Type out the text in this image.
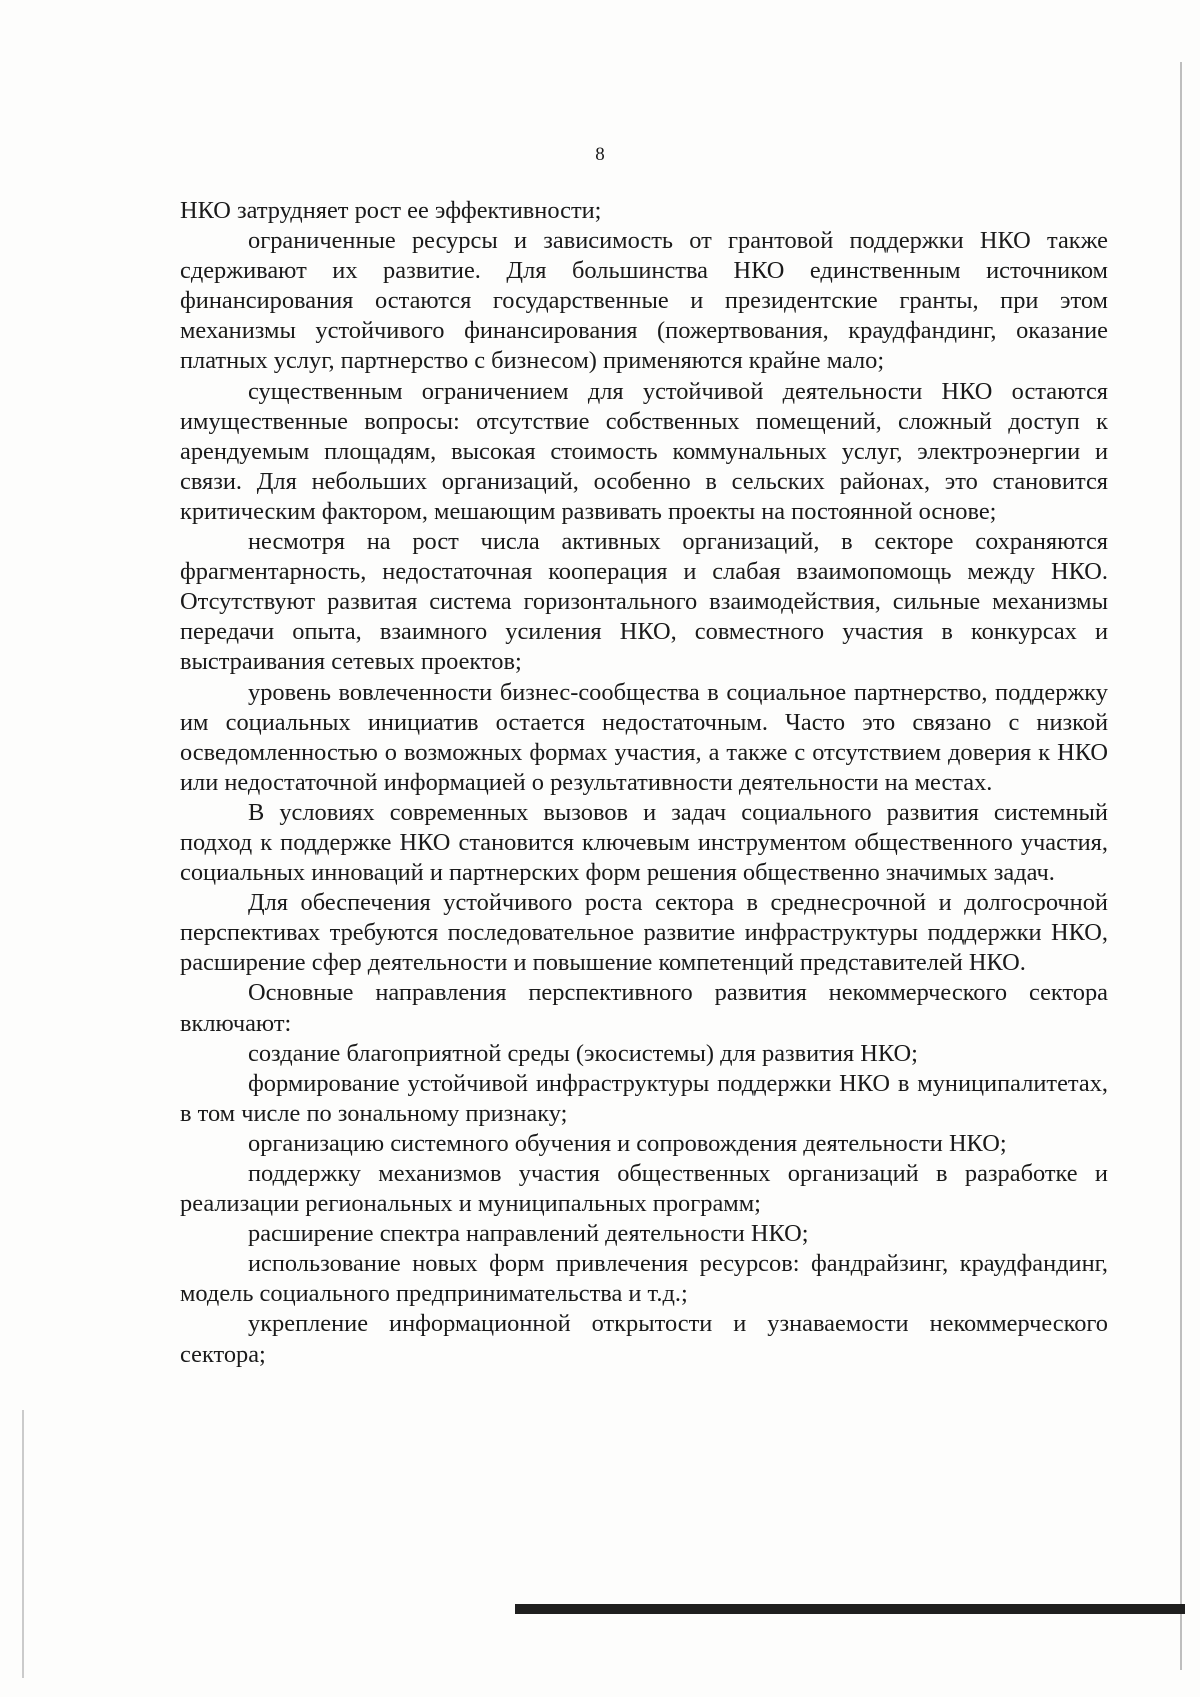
8

НКО затрудняет рост ее эффективности;

ограниченные ресурсы и зависимость от грантовой поддержки НКО также сдерживают их развитие. Для большинства НКО единственным источником финансирования остаются государственные и президентские гранты, при этом механизмы устойчивого финансирования (пожертвования, краудфандинг, оказание платных услуг, партнерство с бизнесом) применяются крайне мало;

существенным ограничением для устойчивой деятельности НКО остаются имущественные вопросы: отсутствие собственных помещений, сложный доступ к арендуемым площадям, высокая стоимость коммунальных услуг, электроэнергии и связи. Для небольших организаций, особенно в сельских районах, это становится критическим фактором, мешающим развивать проекты на постоянной основе;

несмотря на рост числа активных организаций, в секторе сохраняются фрагментарность, недостаточная кооперация и слабая взаимопомощь между НКО. Отсутствуют развитая система горизонтального взаимодействия, сильные механизмы передачи опыта, взаимного усиления НКО, совместного участия в конкурсах и выстраивания сетевых проектов;

уровень вовлеченности бизнес-сообщества в социальное партнерство, поддержку им социальных инициатив остается недостаточным. Часто это связано с низкой осведомленностью о возможных формах участия, а также с отсутствием доверия к НКО или недостаточной информацией о результативности деятельности на местах.

В условиях современных вызовов и задач социального развития системный подход к поддержке НКО становится ключевым инструментом общественного участия, социальных инноваций и партнерских форм решения общественно значимых задач.

Для обеспечения устойчивого роста сектора в среднесрочной и долгосрочной перспективах требуются последовательное развитие инфраструктуры поддержки НКО, расширение сфер деятельности и повышение компетенций представителей НКО.

Основные направления перспективного развития некоммерческого сектора включают:

создание благоприятной среды (экосистемы) для развития НКО;

формирование устойчивой инфраструктуры поддержки НКО в муниципалитетах, в том числе по зональному признаку;

организацию системного обучения и сопровождения деятельности НКО;

поддержку механизмов участия общественных организаций в разработке и реализации региональных и муниципальных программ;

расширение спектра направлений деятельности НКО;

использование новых форм привлечения ресурсов: фандрайзинг, краудфандинг, модель социального предпринимательства и т.д.;

укрепление информационной открытости и узнаваемости некоммерческого сектора;
